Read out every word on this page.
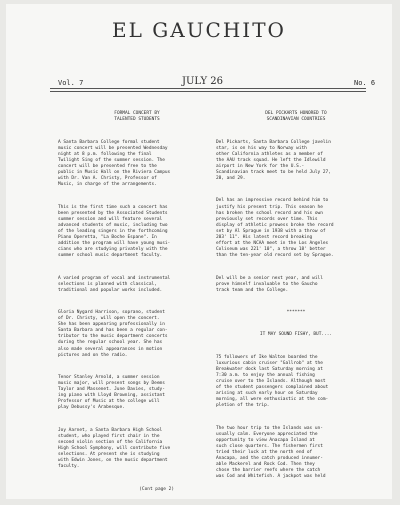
EL GAUCHITO
Vol. 7	JULY 26	No. 6

FORMAL CONCERT BY
TALENTED STUDENTS

A Santa Barbara College formal student
music concert will be presented Wednesday
night at 8 p.m. following the final
Twilight Sing of the summer session. The
concert will be presented free to the
public in Music Hall on the Riviera Campus
with Dr. Van A. Christy, Professor of
Music, in charge of the arrangements.

This is the first time such a concert has
been presented by the Associated Students
summer session and will feature several
advanced students of music, including two
of the leading singers in the forthcoming
Piano Operetta, "La Boche Espane". In
addition the program will have young musi-
cians who are studying privately with the
summer school music department faculty.

A varied program of vocal and instrumental
selections is planned with classical,
traditional and popular works included.

Gloria Nygard Harrison, soprano, student
of Dr. Christy, will open the concert.
She has been appearing professionally in
Santa Barbara and has been a regular con-
tributor to the music department concerts
during the regular school year. She has
also made several appearances in motion
pictures and on the radio.

Tenor Stanley Arnold, a summer session
music major, will present songs by Deems
Taylor and Massenet. June Davies, study-
ing piano with Lloyd Browning, assistant
Professor of Music at the college will
play Debussy's Arabesque.

Joy Aarnet, a Santa Barbara High School
student, who played first chair in the
second violin section of the California
High School Symphony, will contribute five
selections. At present she is studying
with Edwin Jones, on the music department
faculty.

(Cont page 2)

DEL PICKARTS HONORED TO
SCANDINAVIAN COUNTRIES

Del Pickarts, Santa Barbara College javelin
star, is on his way to Norway with
other California athletes as a member of
the AAU track squad. He left the Idlewild
airport in New York for the U.S.-
Scandinavian track meet to be held July 27,
28, and 29.

Del has an impressive record behind him to
justify his present trip. This season he
has broken the school record and his own
previously set records over time. This
display of athletic prowess broke the record
set by Al Sprague in 1938 with a throw of
203' 11". His latest record breaking
effort at the NCAA meet in the Los Angeles
Coliseum was 221' 10", a throw 18' better
than the ten-year old record set by Sprague.

Del will be a senior next year, and will
prove himself invaluable to the Gaucho
track team and the College.

*******

IT MAY SOUND FISHY, BUT....

75 followers of Ike Walton boarded the
luxurious cabin cruiser "Gallrob" at the
Breakwater dock last Saturday morning at
7:30 a.m. to enjoy the annual fishing
cruise over to the Islands. Although most
of the student passengers complained about
arising at such early hour on Saturday
morning, all were enthusiastic at the com-
pletion of the trip.

The two hour trip to the Islands was un-
usually calm. Everyone appreciated the
opportunity to view Anacapa Island at
such close quarters. The fishermen first
tried their luck at the north end of
Anacapa, and the catch produced innumer-
able Mackerel and Rock Cod. Then they
chose the barrier reefs where the catch
was Cod and Whitefish. A jackpot was held
